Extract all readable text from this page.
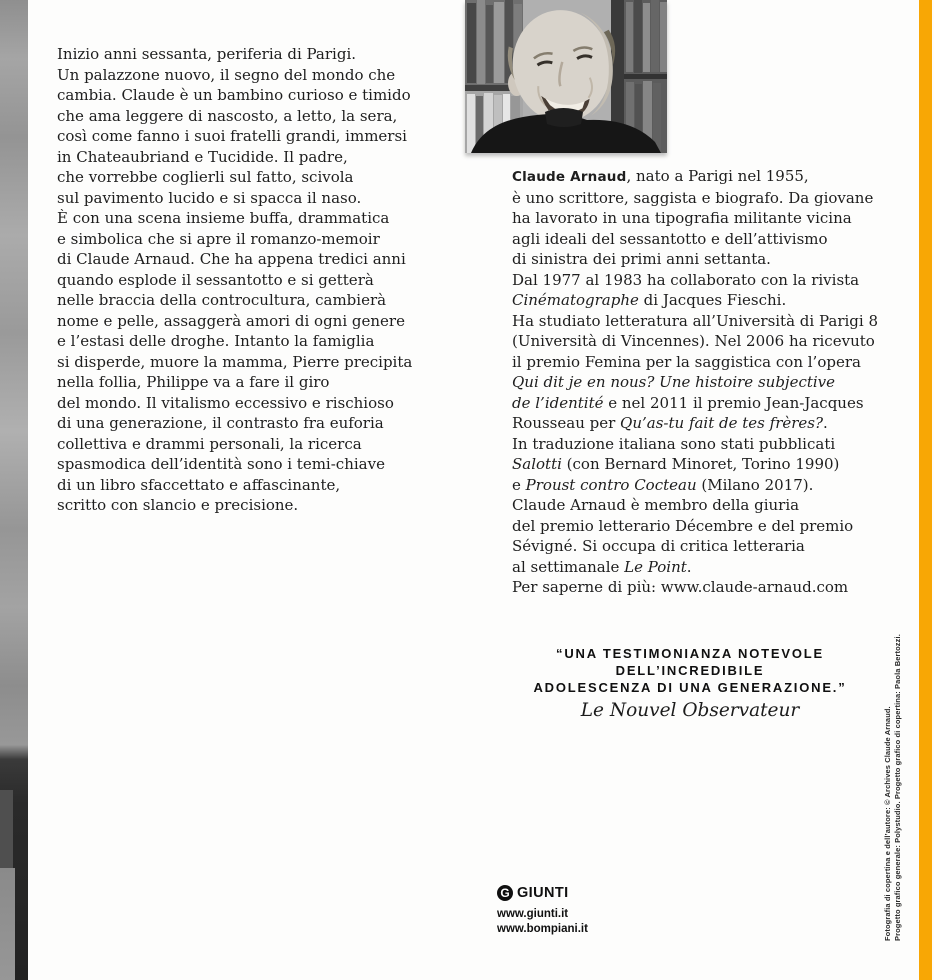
Inizio anni sessanta, periferia di Parigi.
Un palazzone nuovo, il segno del mondo che
cambia. Claude è un bambino curioso e timido
che ama leggere di nascosto, a letto, la sera,
così come fanno i suoi fratelli grandi, immersi
in Chateaubriand e Tucidide. Il padre,
che vorrebbe coglierli sul fatto, scivola
sul pavimento lucido e si spacca il naso.
È con una scena insieme buffa, drammatica
e simbolica che si apre il romanzo-memoir
di Claude Arnaud. Che ha appena tredici anni
quando esplode il sessantotto e si getterà
nelle braccia della controcultura, cambierà
nome e pelle, assaggerà amori di ogni genere
e l’estasi delle droghe. Intanto la famiglia
si disperde, muore la mamma, Pierre precipita
nella follia, Philippe va a fare il giro
del mondo. Il vitalismo eccessivo e rischioso
di una generazione, il contrasto fra euforia
collettiva e drammi personali, la ricerca
spasmodica dell’identità sono i temi-chiave
di un libro sfaccettato e affascinante,
scritto con slancio e precisione.
Claude Arnaud, nato a Parigi nel 1955,
è uno scrittore, saggista e biografo. Da giovane
ha lavorato in una tipografia militante vicina
agli ideali del sessantotto e dell’attivismo
di sinistra dei primi anni settanta.
Dal 1977 al 1983 ha collaborato con la rivista
Cinématographe di Jacques Fieschi.
Ha studiato letteratura all’Università di Parigi 8
(Università di Vincennes). Nel 2006 ha ricevuto
il premio Femina per la saggistica con l’opera
Qui dit je en nous? Une histoire subjective
de l’identité e nel 2011 il premio Jean-Jacques
Rousseau per Qu’as-tu fait de tes frères?.
In traduzione italiana sono stati pubblicati
Salotti (con Bernard Minoret, Torino 1990)
e Proust contro Cocteau (Milano 2017).
Claude Arnaud è membro della giuria
del premio letterario Décembre e del premio
Sévigné. Si occupa di critica letteraria
al settimanale Le Point.
Per saperne di più: www.claude-arnaud.com
“UNA TESTIMONIANZA NOTEVOLE
DELL’INCREDIBILE
ADOLESCENZA DI UNA GENERAZIONE.”
Le Nouvel Observateur
G GIUNTI
www.giunti.it
www.bompiani.it	Fotografia di copertina e dell’autore: © Archives Claude Arnaud. Progetto grafico generale: Polystudio. Progetto grafico di copertina: Paola Bertozzi.
